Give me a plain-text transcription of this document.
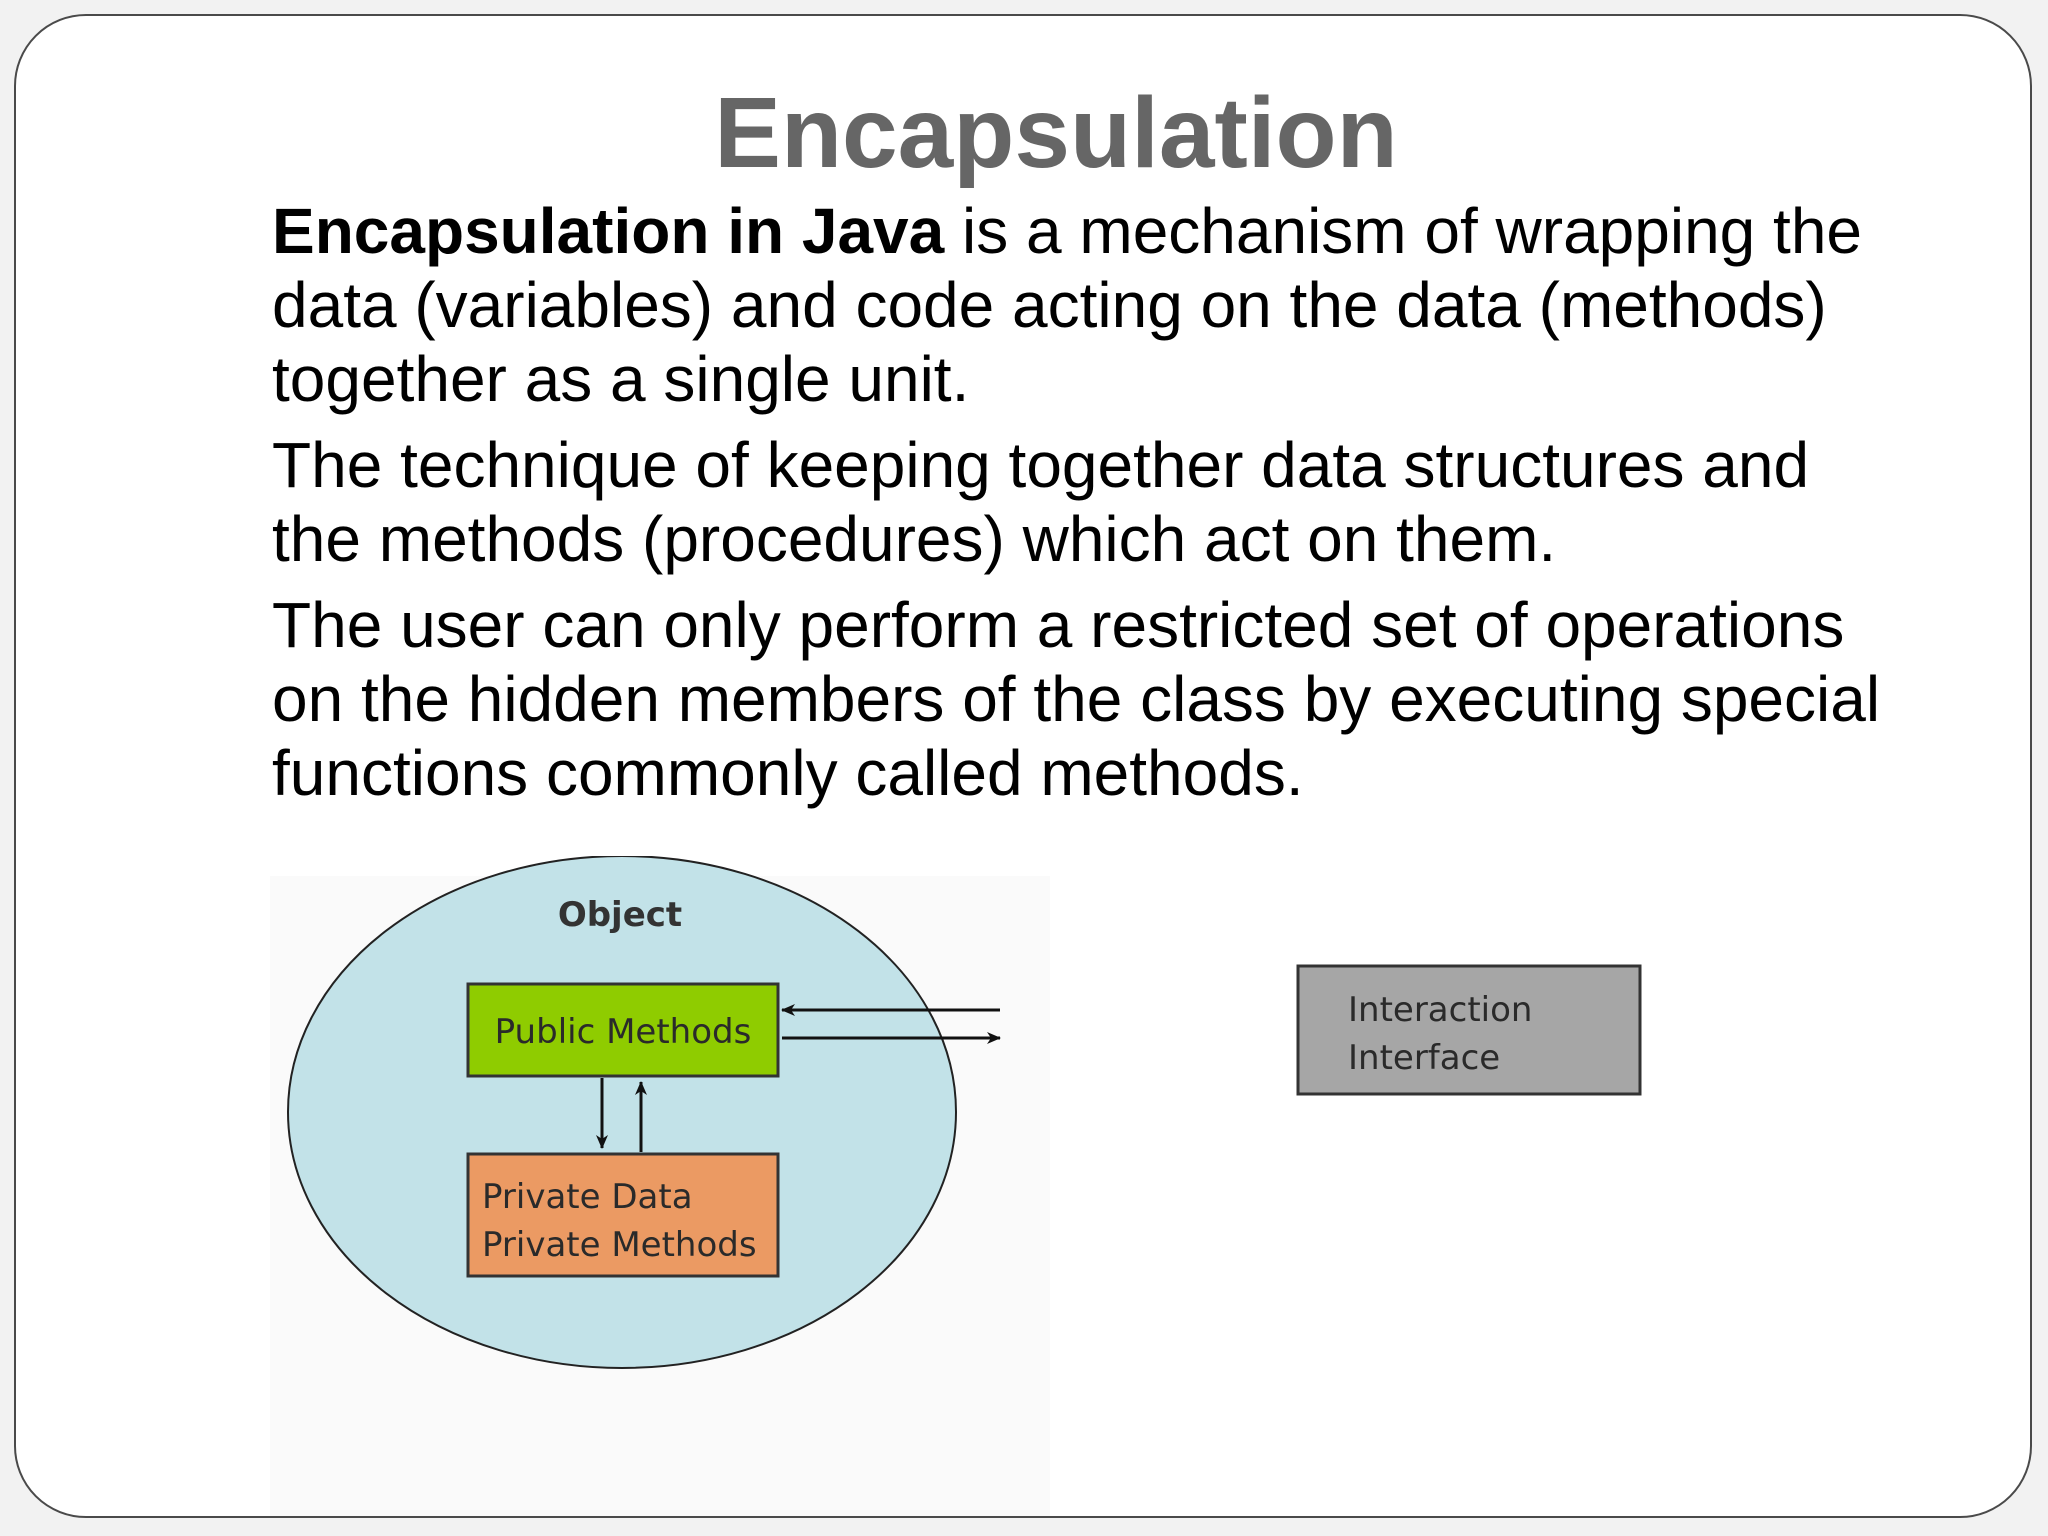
Encapsulation
Encapsulation in Java is a mechanism of wrapping the data (variables) and code acting on the data (methods) together as a single unit.
The technique of keeping together data structures and the methods (procedures) which act on them.
The user can only perform a restricted set of operations on the hidden members of the class by executing special functions commonly called methods.
Object
Public Methods
Private Data
Private Methods
Interaction
Interface
